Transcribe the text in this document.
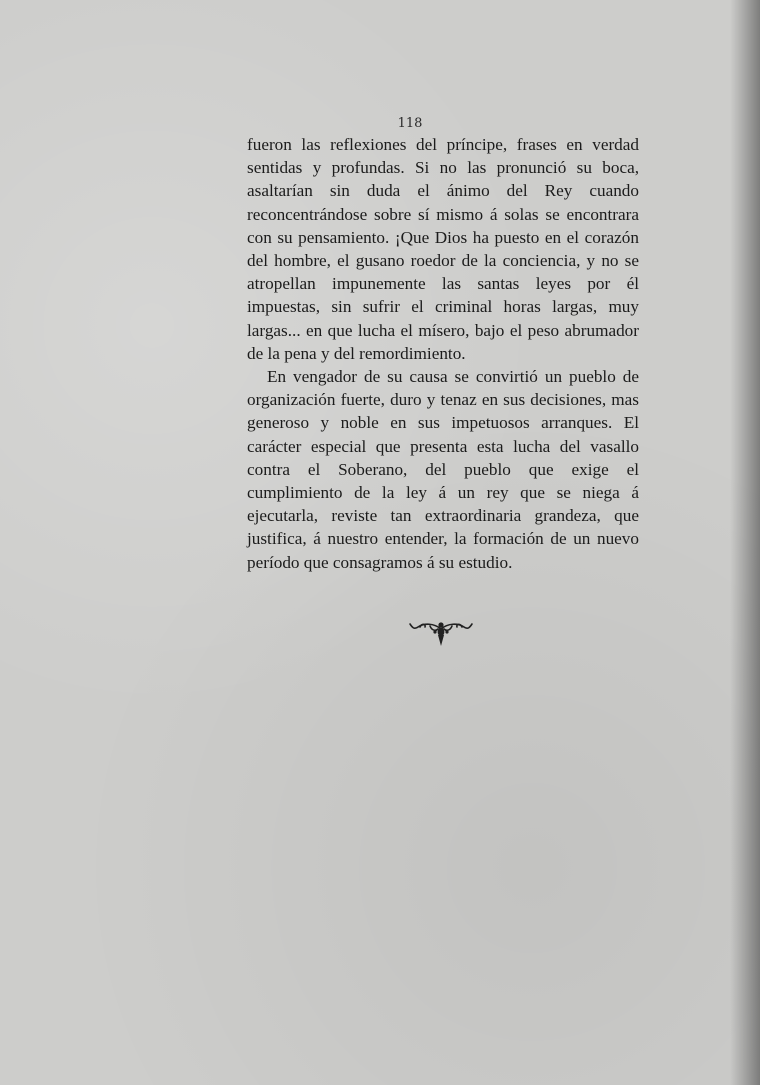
118

fueron las reflexiones del príncipe, frases en verdad sentidas y profundas. Si no las pronunció su boca, asaltarían sin duda el ánimo del Rey cuando reconcentrándose sobre sí mismo á solas se encontrara con su pensamiento. ¡Que Dios ha puesto en el corazón del hombre, el gusano roedor de la conciencia, y no se atropellan impunemente las santas leyes por él impuestas, sin sufrir el criminal horas largas, muy largas... en que lucha el mísero, bajo el peso abrumador de la pena y del remordimiento.

En vengador de su causa se convirtió un pueblo de organización fuerte, duro y tenaz en sus decisiones, mas generoso y noble en sus impetuosos arranques. El carácter especial que presenta esta lucha del vasallo contra el Soberano, del pueblo que exige el cumplimiento de la ley á un rey que se niega á ejecutarla, reviste tan extraordinaria grandeza, que justifica, á nuestro entender, la formación de un nuevo período que consagramos á su estudio.
